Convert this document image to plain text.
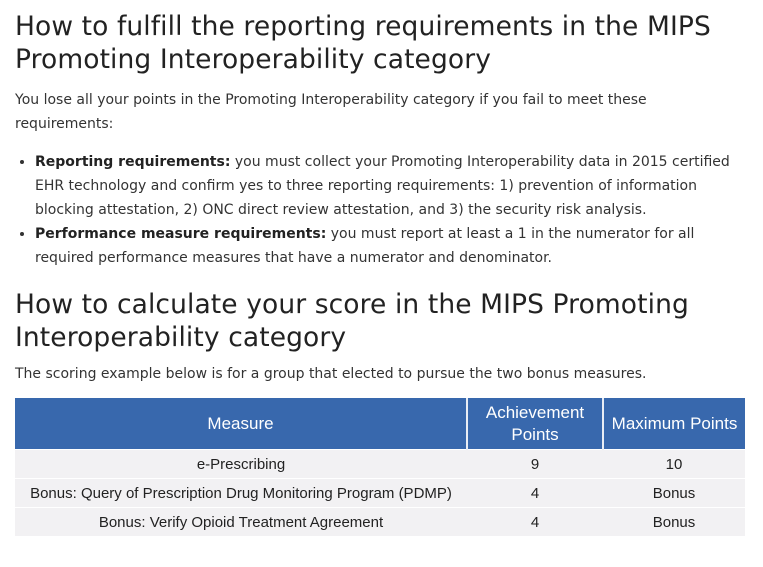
How to fulfill the reporting requirements in the MIPS Promoting Interoperability category

You lose all your points in the Promoting Interoperability category if you fail to meet these requirements:

• Reporting requirements: you must collect your Promoting Interoperability data in 2015 certified EHR technology and confirm yes to three reporting requirements: 1) prevention of information blocking attestation, 2) ONC direct review attestation, and 3) the security risk analysis.
• Performance measure requirements: you must report at least a 1 in the numerator for all required performance measures that have a numerator and denominator.
How to calculate your score in the MIPS Promoting Interoperability category

The scoring example below is for a group that elected to pursue the two bonus measures.

Measure	Achievement Points	Maximum Points
e-Prescribing	9	10
Bonus: Query of Prescription Drug Monitoring Program (PDMP)	4	Bonus
Bonus: Verify Opioid Treatment Agreement	4	Bonus
